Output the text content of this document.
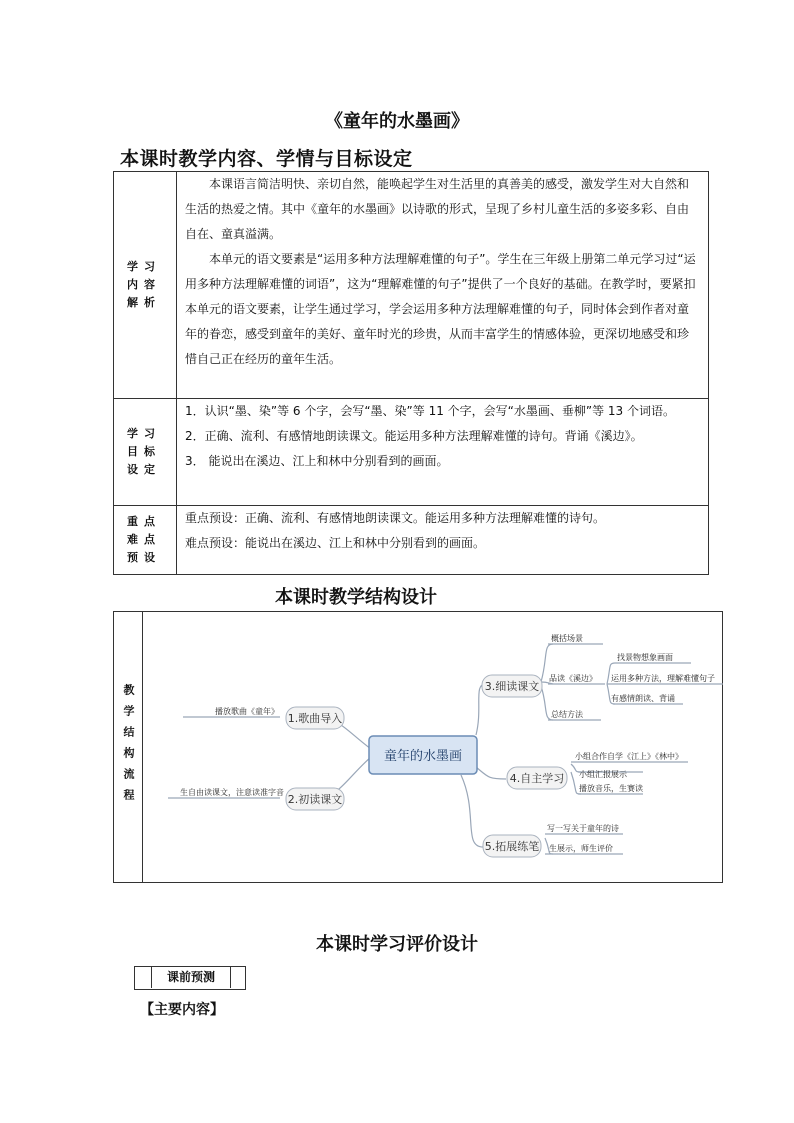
《童年的水墨画》
本课时教学内容、学情与目标设定
学习内容解析	本课语言简洁明快、亲切自然，能唤起学生对生活里的真善美的感受，激发学生对大自然和生活的热爱之情。其中《童年的水墨画》以诗歌的形式，呈现了乡村儿童生活的多姿多彩、自由自在、童真溢满。

本单元的语文要素是“运用多种方法理解难懂的句子”。学生在三年级上册第二单元学习过“运用多种方法理解难懂的词语”，这为“理解难懂的句子”提供了一个良好的基础。在教学时，要紧扣本单元的语文要素，让学生通过学习，学会运用多种方法理解难懂的句子，同时体会到作者对童年的眷恋，感受到童年的美好、童年时光的珍贵，从而丰富学生的情感体验，更深切地感受和珍惜自己正在经历的童年生活。

学习目标设定	1．认识“墨、染”等 6 个字，会写“墨、染”等 11 个字，会写“水墨画、垂柳”等 13 个词语。

2．正确、流利、有感情地朗读课文。能运用多种方法理解难懂的诗句。背诵《溪边》。

3． 能说出在溪边、江上和林中分别看到的画面。

重点难点预设	重点预设：正确、流利、有感情地朗读课文。能运用多种方法理解难懂的诗句。

难点预设：能说出在溪边、江上和林中分别看到的画面。

本课时教学结构设计
教学结构流程	童年的水墨画
1.歌曲导入
2.初读课文
3.细读课文
4.自主学习
5.拓展练笔
播放歌曲《童年》
生自由读课文，注意读准字音
概括场景
品读《溪边》
总结方法
找景物想象画面
运用多种方法，理解难懂句子
有感情朗读、背诵
小组合作自学《江上》《林中》
小组汇报展示
播放音乐，生赛读
写一写关于童年的诗
生展示，师生评价
本课时学习评价设计
课前预测
【主要内容】
